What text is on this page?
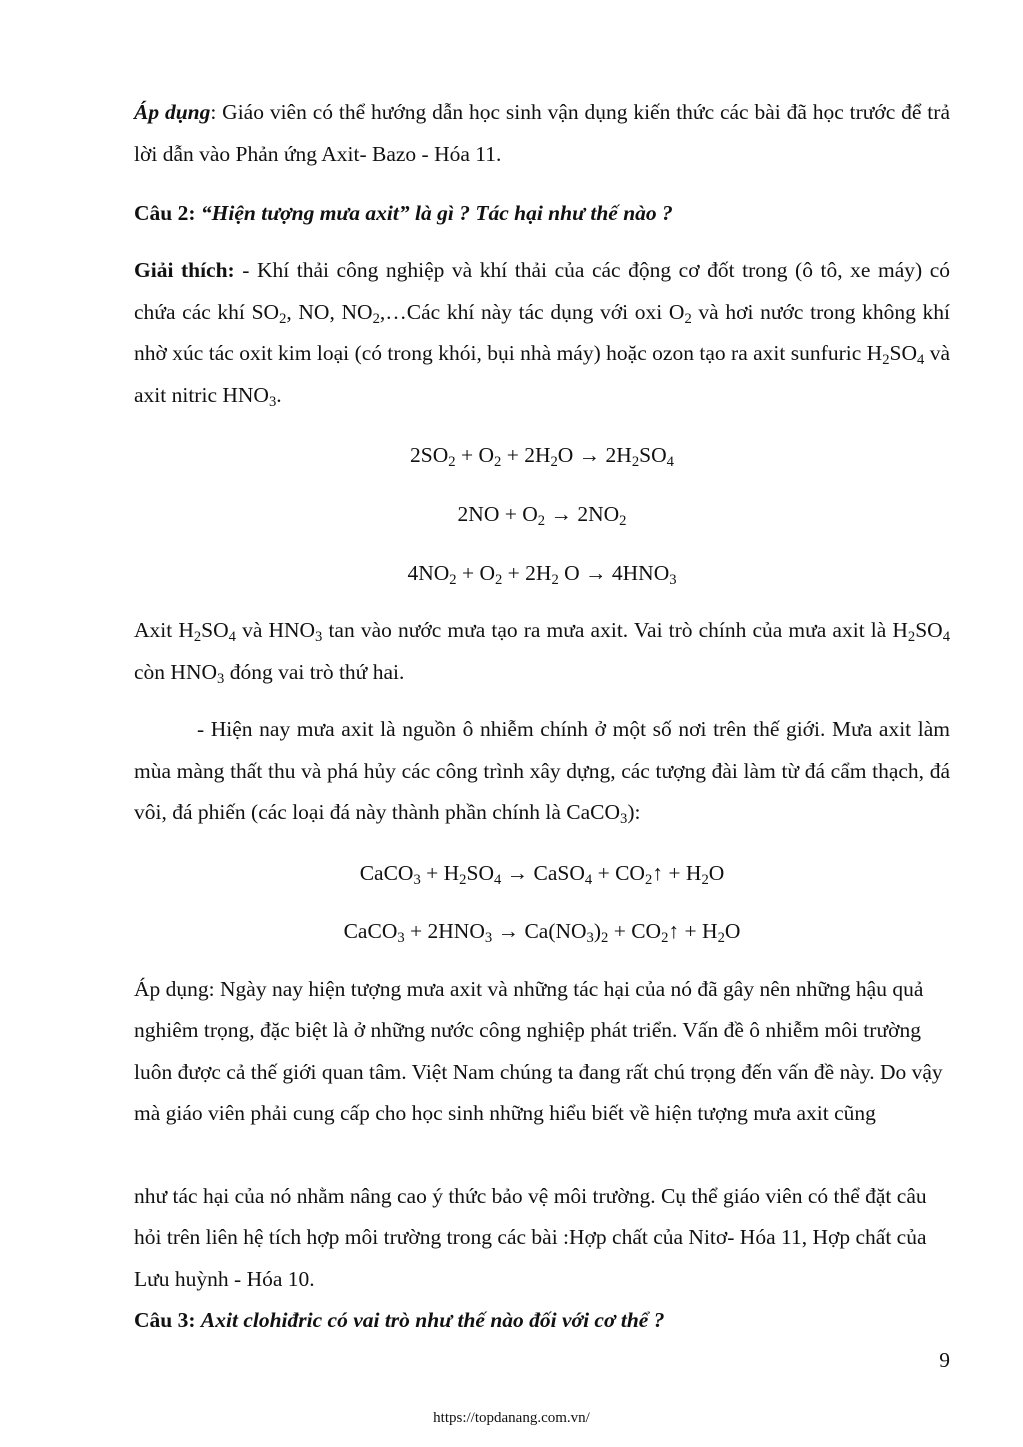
Áp dụng: Giáo viên có thể hướng dẫn học sinh vận dụng kiến thức các bài đã học trước để trả lời dẫn vào Phản ứng Axit- Bazo - Hóa 11.
Câu 2: “Hiện tượng mưa axit” là gì ? Tác hại như thế nào ?
Giải thích: - Khí thải công nghiệp và khí thải của các động cơ đốt trong (ô tô, xe máy) có chứa các khí $SO_2$, NO, $NO_2,\dots Các$ khí này tác dụng với oxi $O_2$ và hơi nước trong không khí nhờ xúc tác oxit kim loại (có trong khói, bụi nhà máy) hoặc ozon tạo ra axit sunfuric $H_2SO_4$ và axit nitric $HNO_3$.
$2SO_2 + O_2 + 2H_2O \to 2H_2SO_4$
$2NO + O_2 \to 2NO_2$
$4NO_2 + O_2 + 2H_2$ $O \to 4HNO_3$
Axit $H_2SO_4$ và $HNO_3$ tan vào nước mưa tạo ra mưa axit. Vai trò chính của mưa axit là $H_2SO_4$ còn $HNO_3$ đóng vai trò thứ hai.
- Hiện nay mưa axit là nguồn ô nhiễm chính ở một số nơi trên thế giới. Mưa axit làm mùa màng thất thu và phá hủy các công trình xây dựng, các tượng đài làm từ đá cẩm thạch, đá vôi, đá phiến (các loại đá này thành phần chính là CaCO$_3$):
CaCO$_3$ + $H_2SO_4$ → CaSO$_4$ + $CO_2↑ + H_2O$
CaCO$_3$ + $2HNO_3 \to Ca(NO_3)_2$ + $CO_2↑ + H_2O$
Áp dụng: Ngày nay hiện tượng mưa axit và những tác hại của nó đã gây nên những hậu quả nghiêm trọng, đặc biệt là ở những nước công nghiệp phát triển. Vấn đề ô nhiễm môi trường luôn được cả thế giới quan tâm. Việt Nam chúng ta đang rất chú trọng đến vấn đề này. Do vậy mà giáo viên phải cung cấp cho học sinh những hiểu biết về hiện tượng mưa axit cũng
như tác hại của nó nhằm nâng cao ý thức bảo vệ môi trường. Cụ thể giáo viên có thể đặt câu hỏi trên liên hệ tích hợp môi trường trong các bài :Hợp chất của Nitơ- Hóa 11, Hợp chất của Lưu huỳnh - Hóa 10.
Câu 3: Axit clohiđric có vai trò như thế nào đối với cơ thể ?
9
https://topdanang.com.vn/
